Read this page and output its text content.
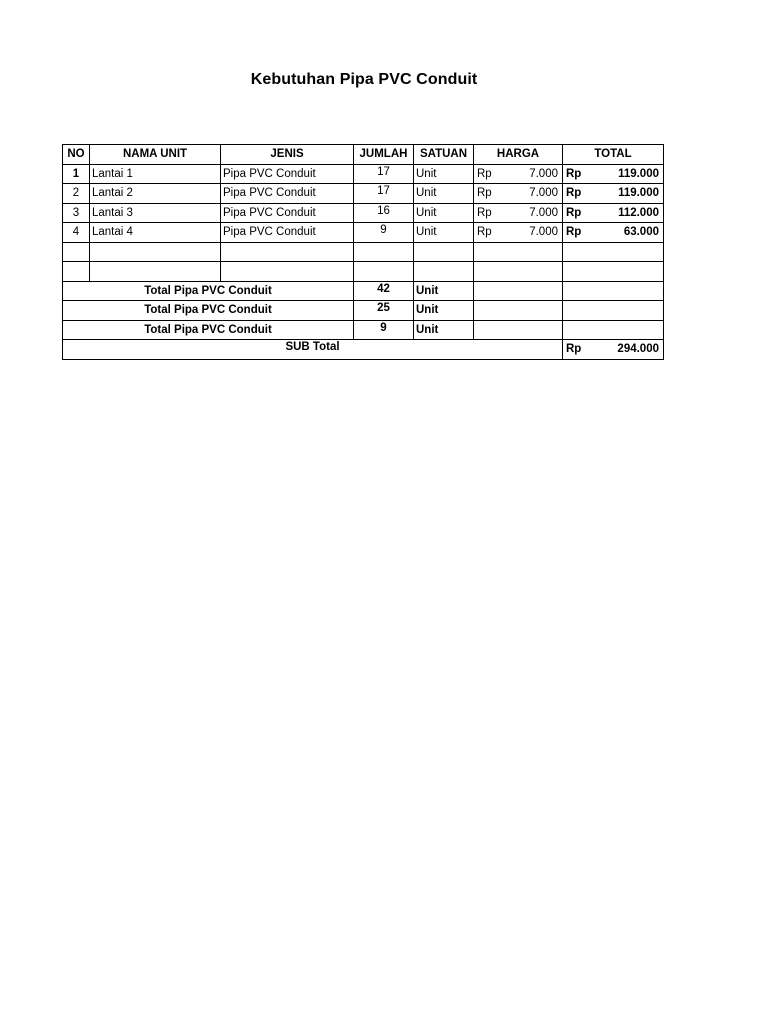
Kebutuhan Pipa PVC Conduit
NO	NAMA UNIT	JENIS	JUMLAH	SATUAN	HARGA	TOTAL
1	Lantai 1	Pipa PVC Conduit	17	Unit	Rp 7.000	Rp 119.000

2	Lantai 2	Pipa PVC Conduit	17	Unit	Rp 7.000	Rp 119.000

3	Lantai 3	Pipa PVC Conduit	16	Unit	Rp 7.000	Rp 112.000

4	Lantai 4	Pipa PVC Conduit	9	Unit	Rp 7.000	Rp 63.000

Total Pipa PVC Conduit			42	Unit		
Total Pipa PVC Conduit			25	Unit		
Total Pipa PVC Conduit			9	Unit		
SUB Total						Rp 294.000
